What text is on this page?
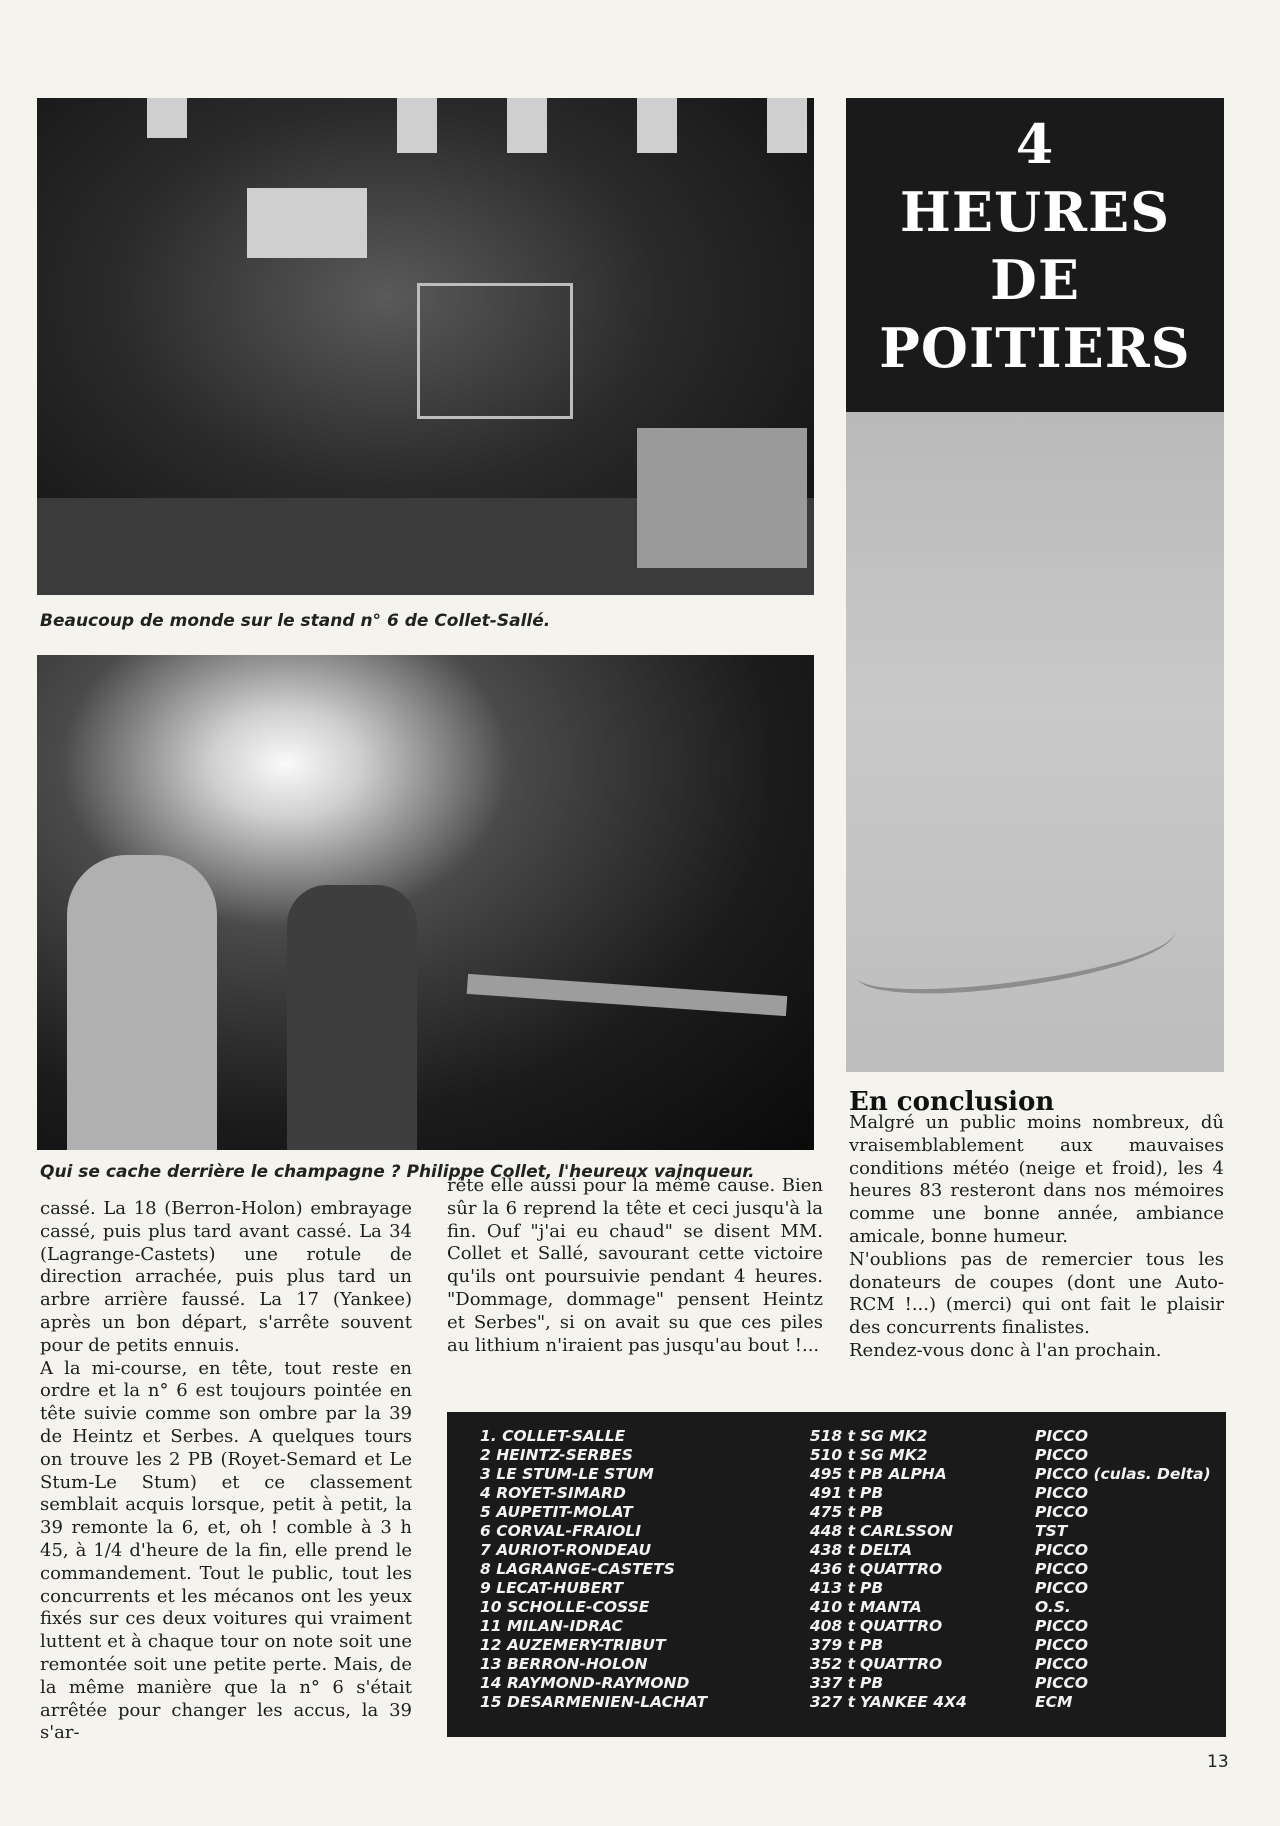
Beaucoup de monde sur le stand n° 6 de Collet-Sallé.
Qui se cache derrière le champagne ? Philippe Collet, l'heureux vainqueur.
4
HEURES
DE
POITIERS
En conclusion

Malgré un public moins nombreux, dû vraisemblablement aux mauvaises conditions météo (neige et froid), les 4 heures 83 resteront dans nos mémoires comme une bonne année, ambiance amicale, bonne humeur.

N'oublions pas de remercier tous les donateurs de coupes (dont une Auto-RCM !...) (merci) qui ont fait le plaisir des concurrents finalistes.

Rendez-vous donc à l'an prochain.

cassé. La 18 (Berron-Holon) embrayage cassé, puis plus tard avant cassé. La 34 (Lagrange-Castets) une rotule de direction arrachée, puis plus tard un arbre arrière faussé. La 17 (Yankee) après un bon départ, s'arrête souvent pour de petits ennuis.

A la mi-course, en tête, tout reste en ordre et la n° 6 est toujours pointée en tête suivie comme son ombre par la 39 de Heintz et Serbes. A quelques tours on trouve les 2 PB (Royet-Semard et Le Stum-Le Stum) et ce classement semblait acquis lorsque, petit à petit, la 39 remonte la 6, et, oh ! comble à 3 h 45, à 1/4 d'heure de la fin, elle prend le commandement. Tout le public, tout les concurrents et les mécanos ont les yeux fixés sur ces deux voitures qui vraiment luttent et à chaque tour on note soit une remontée soit une petite perte. Mais, de la même manière que la n° 6 s'était arrêtée pour changer les accus, la 39 s'ar-

rête elle aussi pour la même cause. Bien sûr la 6 reprend la tête et ceci jusqu'à la fin. Ouf "j'ai eu chaud" se disent MM. Collet et Sallé, savourant cette victoire qu'ils ont poursuivie pendant 4 heures. "Dommage, dommage" pensent Heintz et Serbes", si on avait su que ces piles au lithium n'iraient pas jusqu'au bout !...

1. COLLET-SALLE	518 t SG MK2	PICCO
2 HEINTZ-SERBES	510 t SG MK2	PICCO
3 LE STUM-LE STUM	495 t PB ALPHA	PICCO (culas. Delta)
4 ROYET-SIMARD	491 t PB	PICCO
5 AUPETIT-MOLAT	475 t PB	PICCO
6 CORVAL-FRAIOLI	448 t CARLSSON	TST
7 AURIOT-RONDEAU	438 t DELTA	PICCO
8 LAGRANGE-CASTETS	436 t QUATTRO	PICCO
9 LECAT-HUBERT	413 t PB	PICCO
10 SCHOLLE-COSSE	410 t MANTA	O.S.
11 MILAN-IDRAC	408 t QUATTRO	PICCO
12 AUZEMERY-TRIBUT	379 t PB	PICCO
13 BERRON-HOLON	352 t QUATTRO	PICCO
14 RAYMOND-RAYMOND	337 t PB	PICCO
15 DESARMENIEN-LACHAT	327 t YANKEE 4X4	ECM
13
